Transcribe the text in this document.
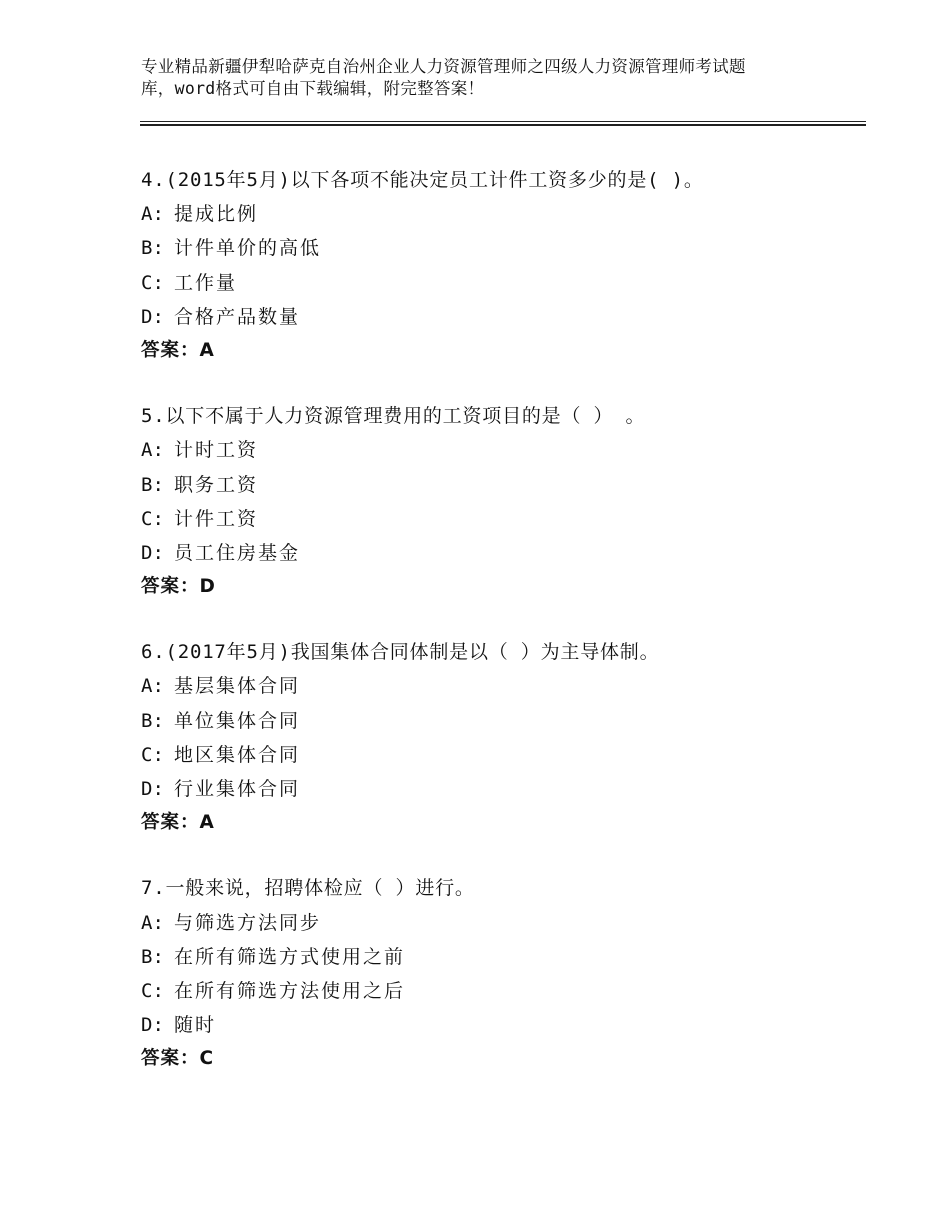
专业精品新疆伊犁哈萨克自治州企业人力资源管理师之四级人力资源管理师考试题
库，word格式可自由下载编辑，附完整答案！
4.(2015年5月)以下各项不能决定员工计件工资多少的是( )。
A: 提成比例
B: 计件单价的高低
C: 工作量
D: 合格产品数量
答案：A
5.以下不属于人力资源管理费用的工资项目的是（ ） 。
A: 计时工资
B: 职务工资
C: 计件工资
D: 员工住房基金
答案：D
6.(2017年5月)我国集体合同体制是以（ ）为主导体制。
A: 基层集体合同
B: 单位集体合同
C: 地区集体合同
D: 行业集体合同
答案：A
7.一般来说，招聘体检应（ ）进行。
A: 与筛选方法同步
B: 在所有筛选方式使用之前
C: 在所有筛选方法使用之后
D: 随时
答案：C
